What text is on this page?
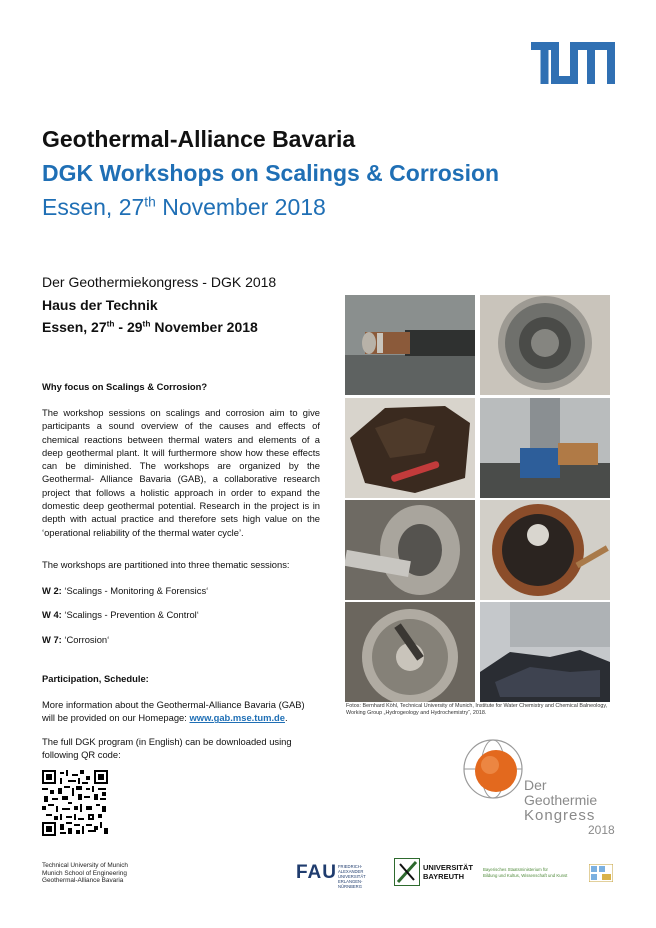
Geothermal-Alliance Bavaria
DGK Workshops on Scalings & Corrosion
Essen, 27th November 2018
Der Geothermiekongress - DGK 2018
Haus der Technik
Essen, 27th - 29th November 2018
Why focus on Scalings & Corrosion?
The workshop sessions on scalings and corrosion aim to give participants a sound overview of the causes and effects of chemical reactions between thermal waters and elements of a deep geothermal plant. It will furthermore show how these effects can be diminished. The workshops are organized by the Geothermal- Alliance Bavaria (GAB), a collaborative research project that follows a holistic approach in order to expand the domestic deep geothermal potential. Research in the project is in depth with actual practice and therefore sets high value on the ‘operational reliability of the thermal water cycle’.
The workshops are partitioned into three thematic sessions:
W 2: ‘Scalings - Monitoring & Forensics‘
W 4: ‘Scalings - Prevention & Control‘
W 7: ‘Corrosion‘
Participation, Schedule:
More information about the Geothermal-Alliance Bavaria (GAB) will be provided on our Homepage: www.gab.mse.tum.de.
The full DGK program (in English) can be downloaded using following QR code:
Fotos: Bernhard Köhl, Technical University of Munich, Institute for Water Chemistry and Chemical Balneology, Working Group „Hydrogeology and Hydrochemistry“, 2018.
Der
Geothermie
Kongress
2018
Technical University of Munich
Munich School of Engineering
Geothermal-Alliance Bavaria	FAU FRIEDRICH-ALEXANDER
UNIVERSITÄT
ERLANGEN-NÜRNBERG
UNIVERSITÄT
BAYREUTH
Bayerisches Staatsministerium für
Bildung und Kultus, Wissenschaft und Kunst
